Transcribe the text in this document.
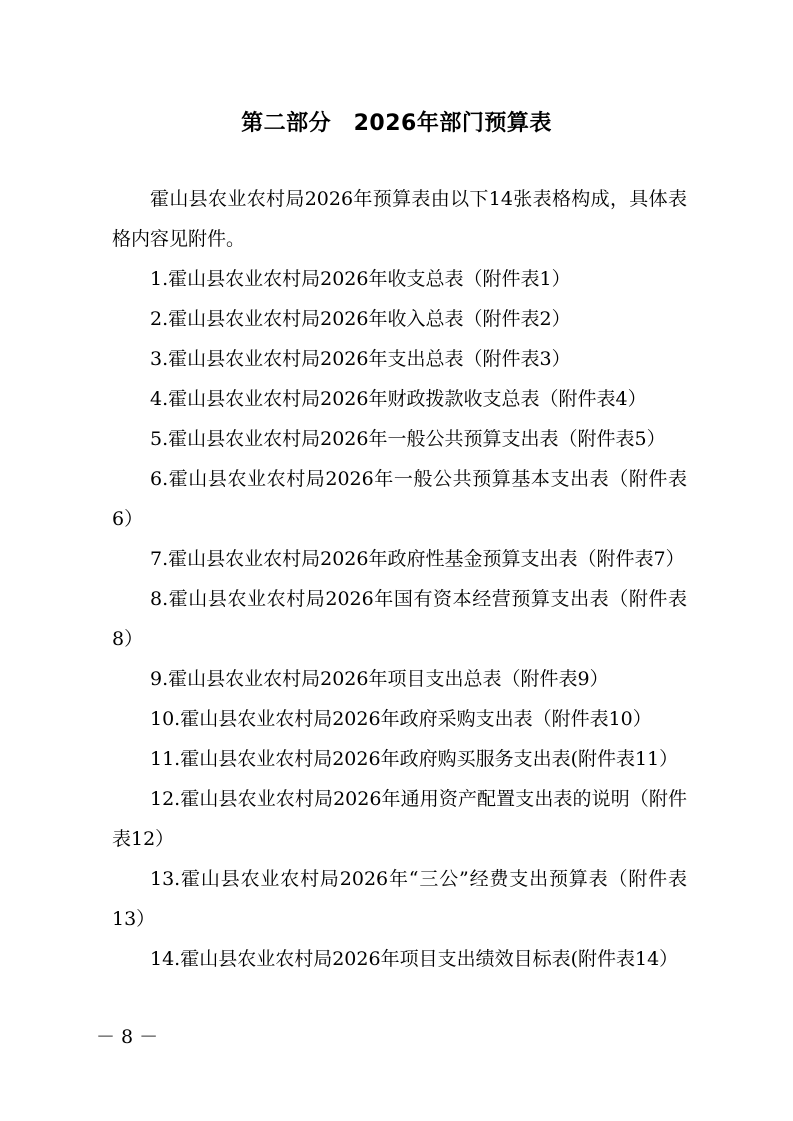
第二部分　2026年部门预算表
霍山县农业农村局2026年预算表由以下14张表格构成，具体表格内容见附件。
1.霍山县农业农村局2026年收支总表（附件表1）
2.霍山县农业农村局2026年收入总表（附件表2）
3.霍山县农业农村局2026年支出总表（附件表3）
4.霍山县农业农村局2026年财政拨款收支总表（附件表4）
5.霍山县农业农村局2026年一般公共预算支出表（附件表5）
6.霍山县农业农村局2026年一般公共预算基本支出表（附件表6）
7.霍山县农业农村局2026年政府性基金预算支出表（附件表7）
8.霍山县农业农村局2026年国有资本经营预算支出表（附件表8）
9.霍山县农业农村局2026年项目支出总表（附件表9）
10.霍山县农业农村局2026年政府采购支出表（附件表10）
11.霍山县农业农村局2026年政府购买服务支出表(附件表11）
12.霍山县农业农村局2026年通用资产配置支出表的说明（附件表12）
13.霍山县农业农村局2026年“三公”经费支出预算表（附件表13）
14.霍山县农业农村局2026年项目支出绩效目标表(附件表14）
－ 8 －
